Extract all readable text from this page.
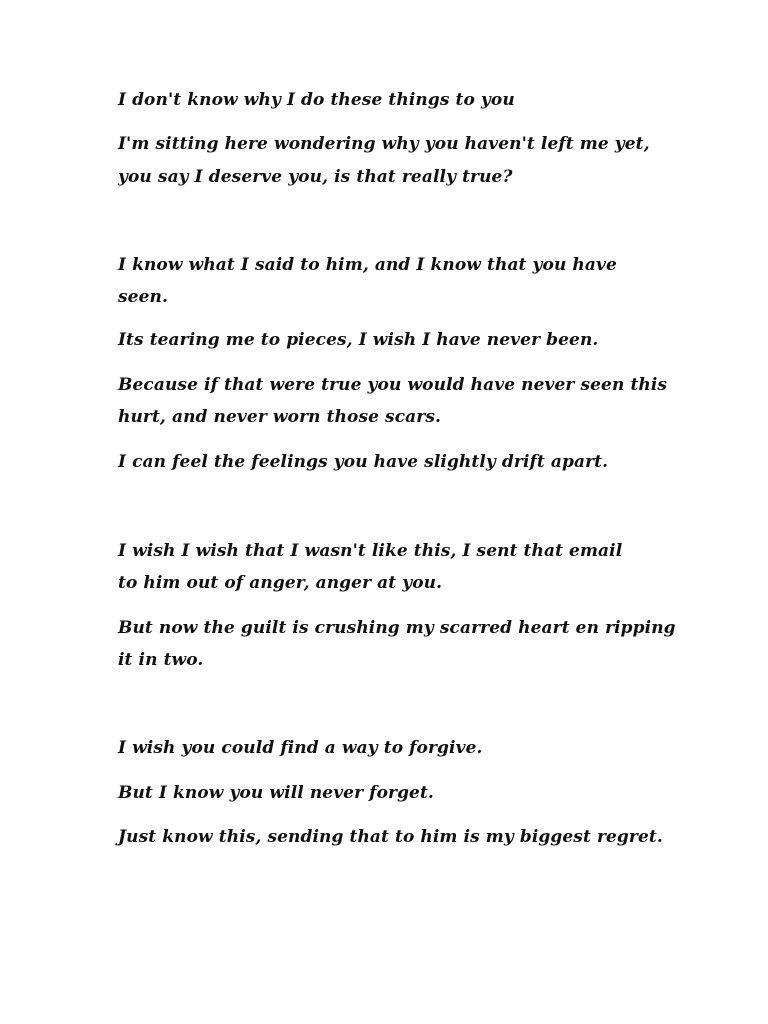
I don't know why I do these things to you

I'm sitting here wondering why you haven't left me yet,

you say I deserve you, is that really true?

I know what I said to him, and I know that you have

seen.

Its tearing me to pieces, I wish I have never been.

Because if that were true you would have never seen this

hurt, and never worn those scars.

I can feel the feelings you have slightly drift apart.

I wish I wish that I wasn't like this, I sent that email

to him out of anger, anger at you.

But now the guilt is crushing my scarred heart en ripping

it in two.

I wish you could find a way to forgive.

But I know you will never forget.

Just know this, sending that to him is my biggest regret.
